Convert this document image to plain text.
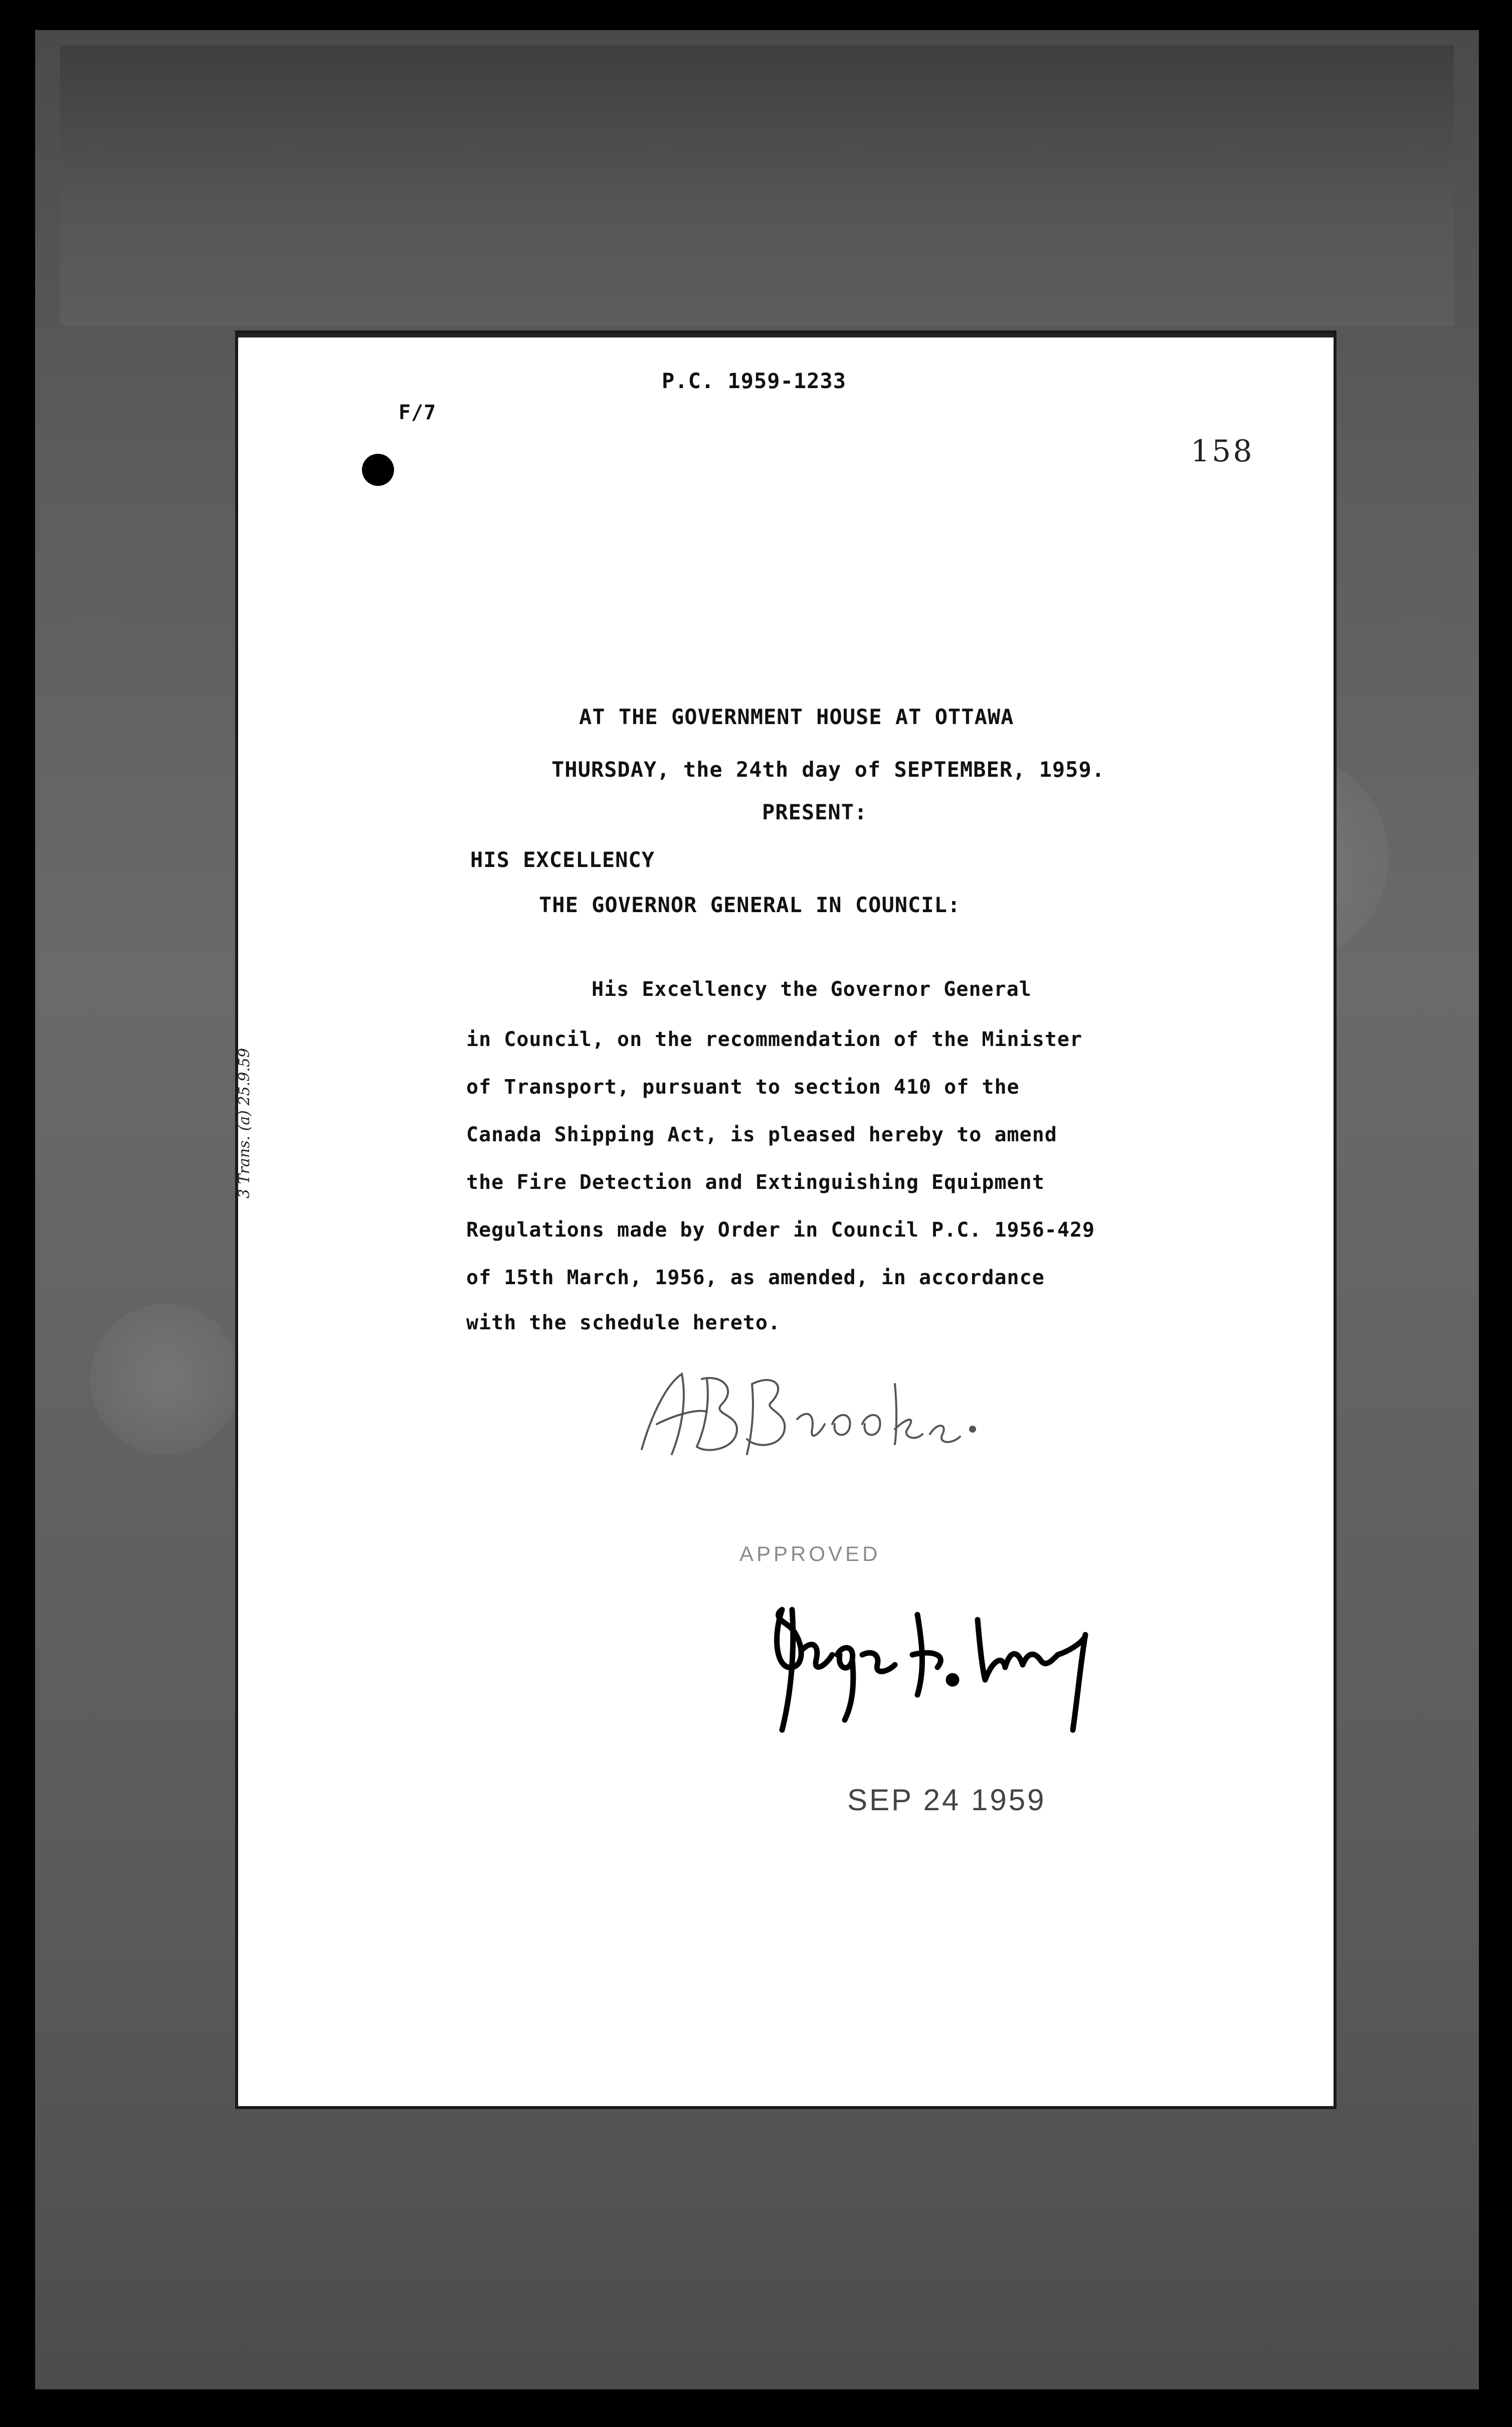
P.C. 1959-1233
F/7
158
AT THE GOVERNMENT HOUSE AT OTTAWA
THURSDAY, the 24th day of SEPTEMBER, 1959.
PRESENT:
HIS EXCELLENCY
THE GOVERNOR GENERAL IN COUNCIL:
His Excellency the Governor General
in Council, on the recommendation of the Minister
of Transport, pursuant to section 410 of the
Canada Shipping Act, is pleased hereby to amend
the Fire Detection and Extinguishing Equipment
Regulations made by Order in Council P.C. 1956-429
of 15th March, 1956, as amended, in accordance
with the schedule hereto.
3 Trans. (a) 25.9.59
APPROVED
SEP 24 1959
